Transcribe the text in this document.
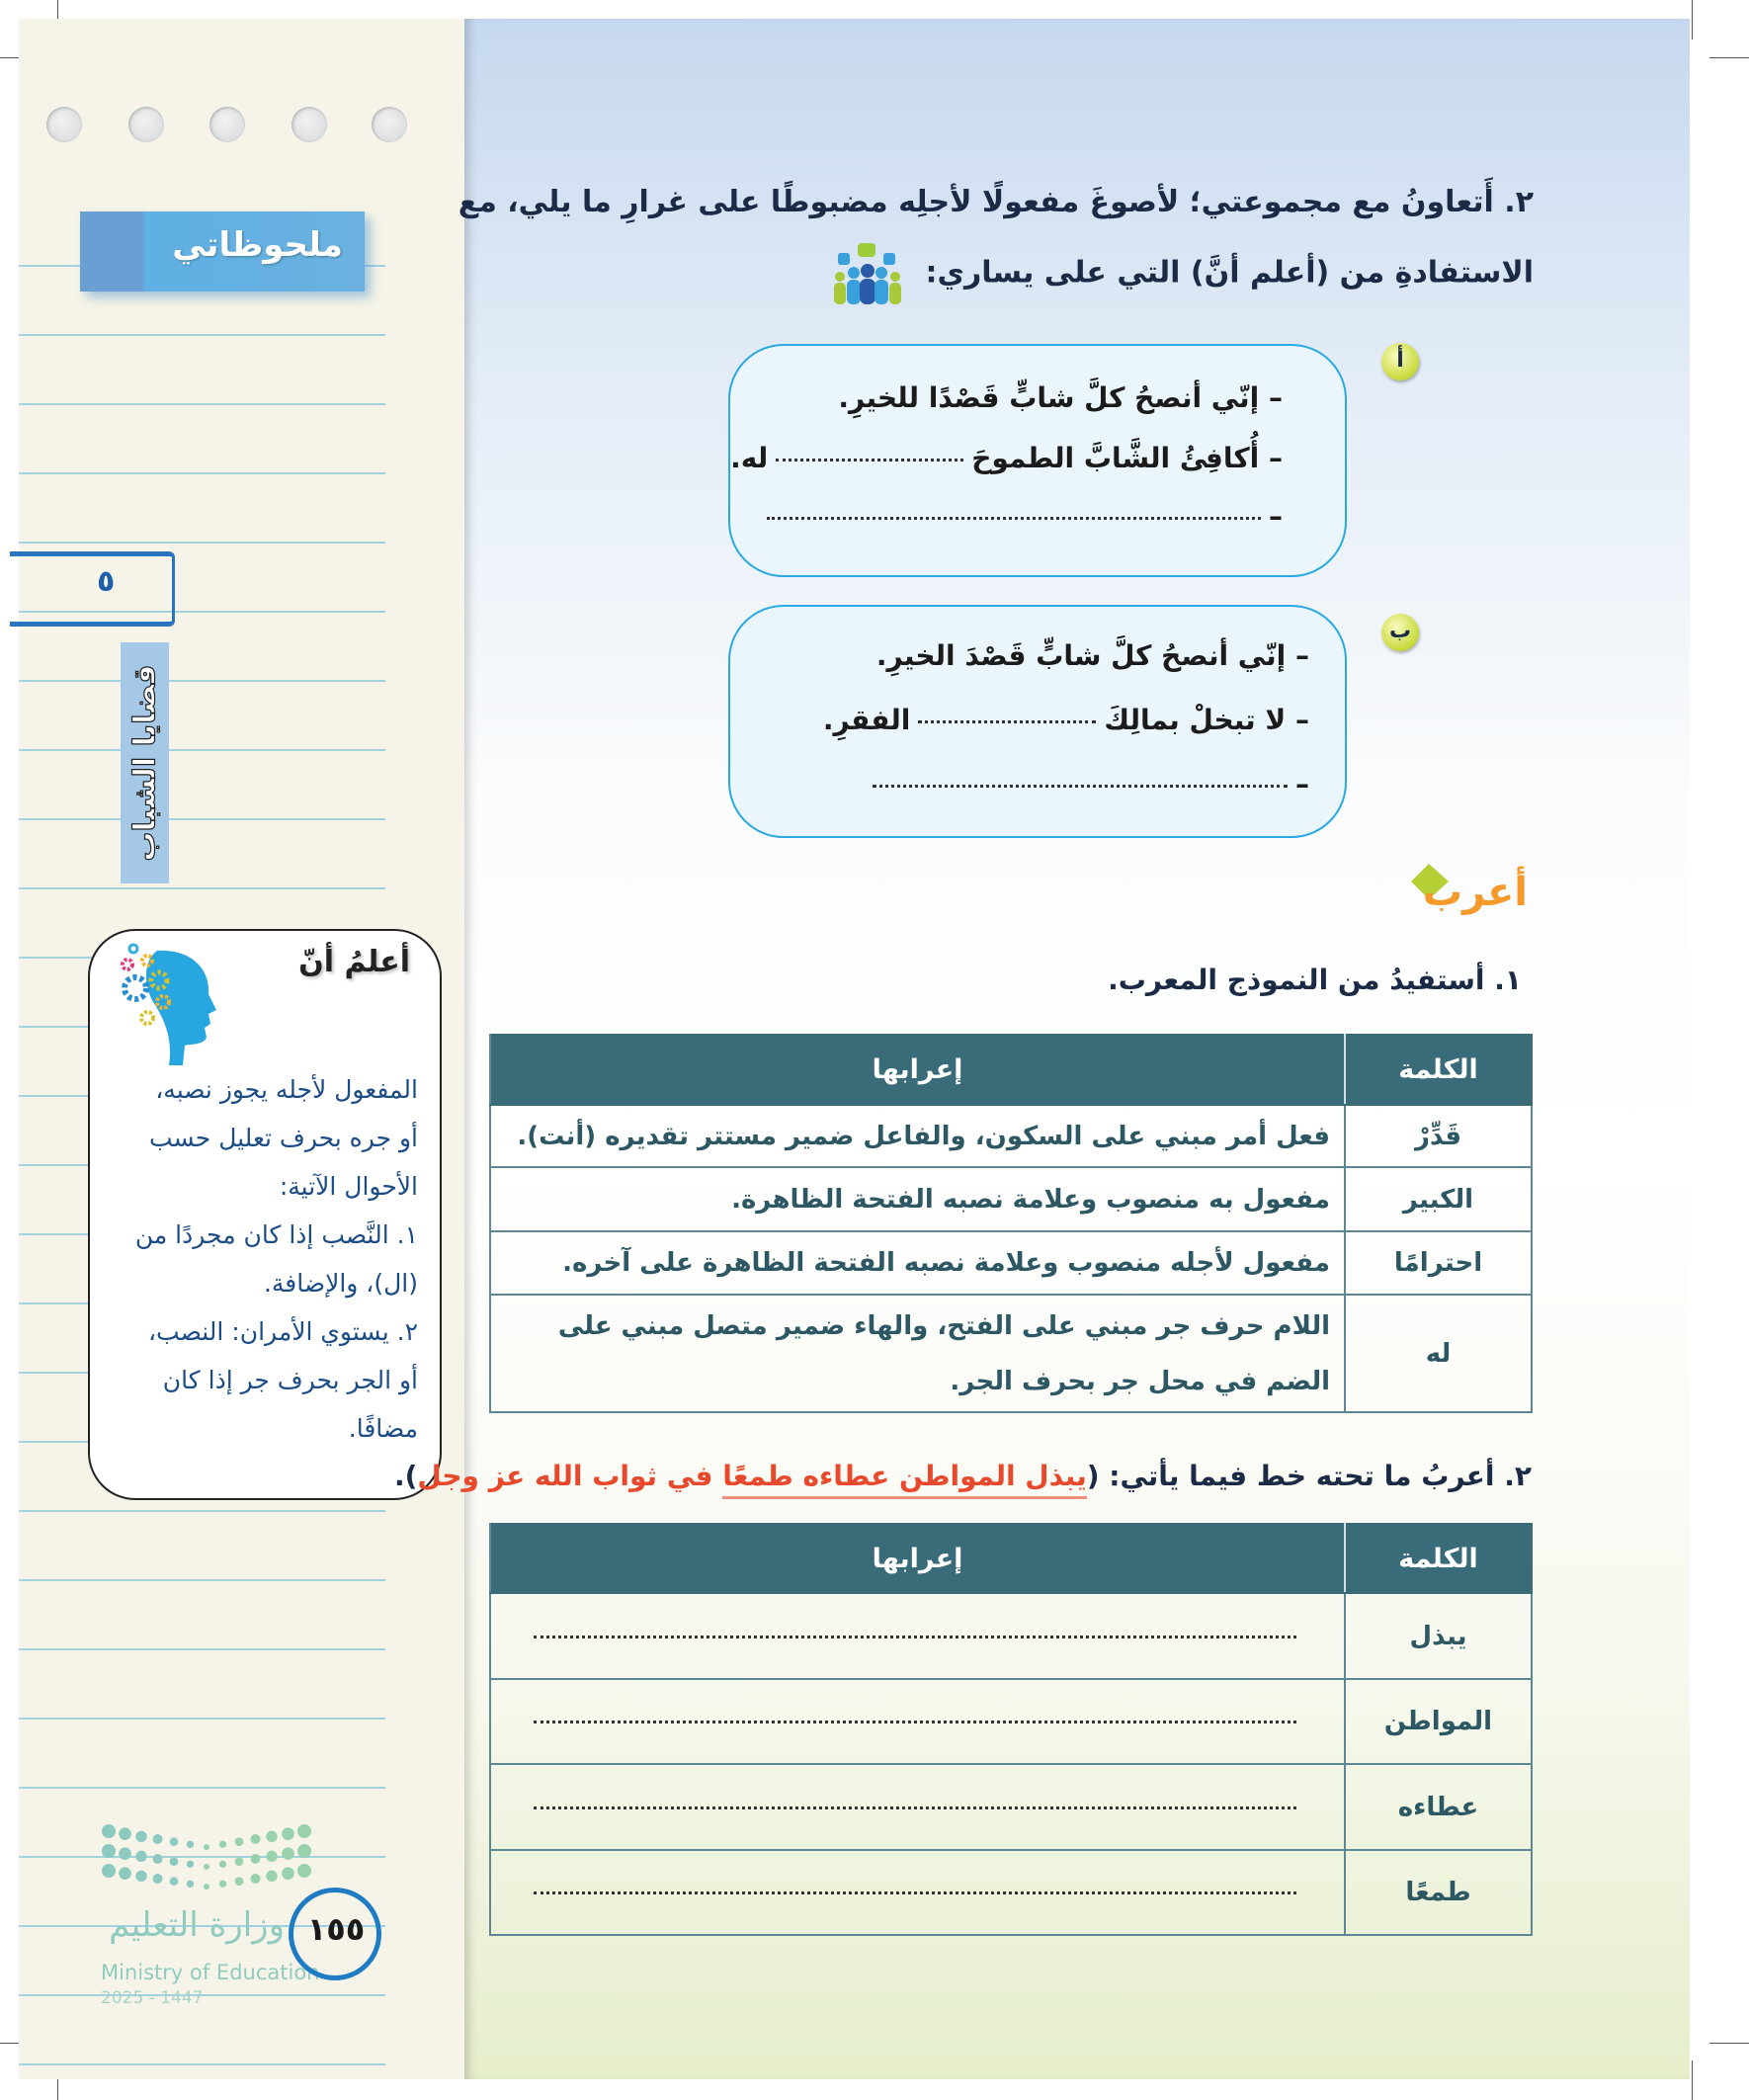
ملحوظاتي
٥
قضايا الشباب
أعلمُ أنّ
المفعول لأجله يجوز نصبه،
أو جره بحرف تعليل حسب
الأحوال الآتية:
١. النَّصب إذا كان مجردًا من
(ال)، والإضافة.
٢. يستوي الأمران: النصب،
أو الجر بحرف جر إذا كان
مضافًا.
وزارة التعليم
Ministry of Education
2025 - 1447
١٥٥
٢. أَتعاونُ مع مجموعتي؛ لأصوغَ مفعولًا لأجلِه مضبوطًا على غرارِ ما يلي، مع
الاستفادةِ من (أعلم أنَّ) التي على يساري:
أ
– إنّي أنصحُ كلَّ شابٍّ قَصْدًا للخيرِ.
– أُكافِئُ الشَّابَّ الطموحَله.
–
ب
– إنّي أنصحُ كلَّ شابٍّ قَصْدَ الخيرِ.
– لا تبخلْ بمالِكَالفقرِ.
–
أعرب
١. أستفيدُ من النموذج المعرب.
الكلمة	إعرابها
قَدِّرْ	فعل أمر مبني على السكون، والفاعل ضمير مستتر تقديره (أنت).
الكبير	مفعول به منصوب وعلامة نصبه الفتحة الظاهرة.
احترامًا	مفعول لأجله منصوب وعلامة نصبه الفتحة الظاهرة على آخره.
له	اللام حرف جر مبني على الفتح، والهاء ضمير متصل مبني على الضم في محل جر بحرف الجر.
٢. أعربُ ما تحته خط فيما يأتي: (يبذل المواطن عطاءه طمعًا في ثواب الله عز وجل).
الكلمة	إعرابها
يبذل	
المواطن	
عطاءه	
طمعًا	
